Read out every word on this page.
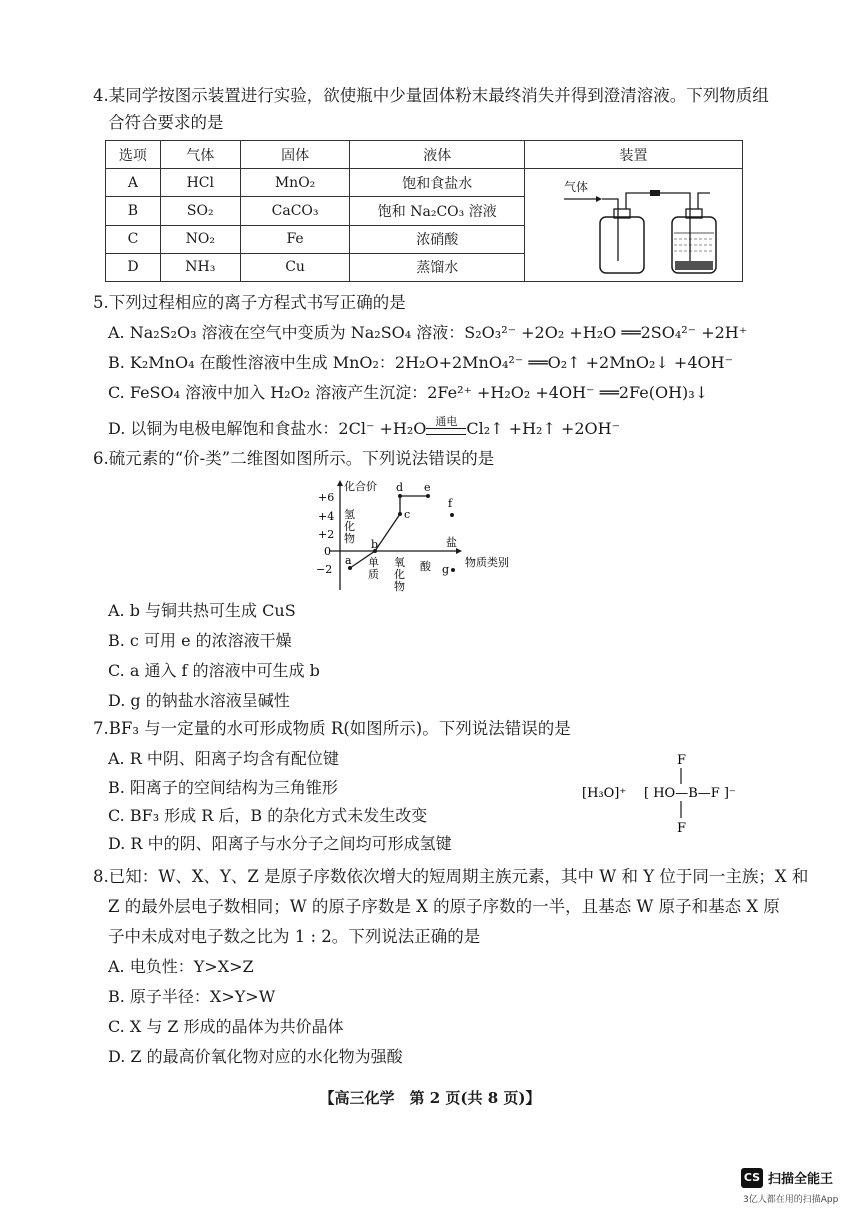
4.某同学按图示装置进行实验，欲使瓶中少量固体粉末最终消失并得到澄清溶液。下列物质组
合符合要求的是
选项	气体	固体	液体	装置
A	HCl	MnO₂	饱和食盐水	气体

B	SO₂	CaCO₃	饱和 Na₂CO₃ 溶液	
C	NO₂	Fe	浓硝酸	
D	NH₃	Cu	蒸馏水	
5.下列过程相应的离子方程式书写正确的是
A. Na₂S₂O₃ 溶液在空气中变质为 Na₂SO₄ 溶液：S₂O₃²⁻ +2O₂ +H₂O ══2SO₄²⁻ +2H⁺
B. K₂MnO₄ 在酸性溶液中生成 MnO₂：2H₂O+2MnO₄²⁻ ══O₂↑ +2MnO₂↓ +4OH⁻
C. FeSO₄ 溶液中加入 H₂O₂ 溶液产生沉淀：2Fe²⁺ +H₂O₂ +4OH⁻ ══2Fe(OH)₃↓
D. 以铜为电极电解饱和食盐水：2Cl⁻ +H₂O 通电 Cl₂↑ +H₂↑ +2OH⁻
6.硫元素的“价-类”二维图如图所示。下列说法错误的是
化合价
物质类别
+6
+4
+2
0
−2
氢
化
物
单
质
氧
化
物
酸
盐
a
b
c
d e
f
g
A. b 与铜共热可生成 CuS
B. c 可用 e 的浓溶液干燥
C. a 通入 f 的溶液中可生成 b
D. g 的钠盐水溶液呈碱性
7.BF₃ 与一定量的水可形成物质 R(如图所示)。下列说法错误的是
A. R 中阴、阳离子均含有配位键
B. 阳离子的空间结构为三角锥形
C. BF₃ 形成 R 后，B 的杂化方式未发生改变
D. R 中的阴、阳离子与水分子之间均可形成氢键
[H₃O]⁺ [ HO—B—F ]⁻
F
F
8.已知：W、X、Y、Z 是原子序数依次增大的短周期主族元素，其中 W 和 Y 位于同一主族；X 和
Z 的最外层电子数相同；W 的原子序数是 X 的原子序数的一半，且基态 W 原子和基态 X 原
子中未成对电子数之比为 1 : 2。下列说法正确的是
A. 电负性：Y>X>Z
B. 原子半径：X>Y>W
C. X 与 Z 形成的晶体为共价晶体
D. Z 的最高价氧化物对应的水化物为强酸
【高三化学　第 2 页(共 8 页)】
CS 扫描全能王
3亿人都在用的扫描App
